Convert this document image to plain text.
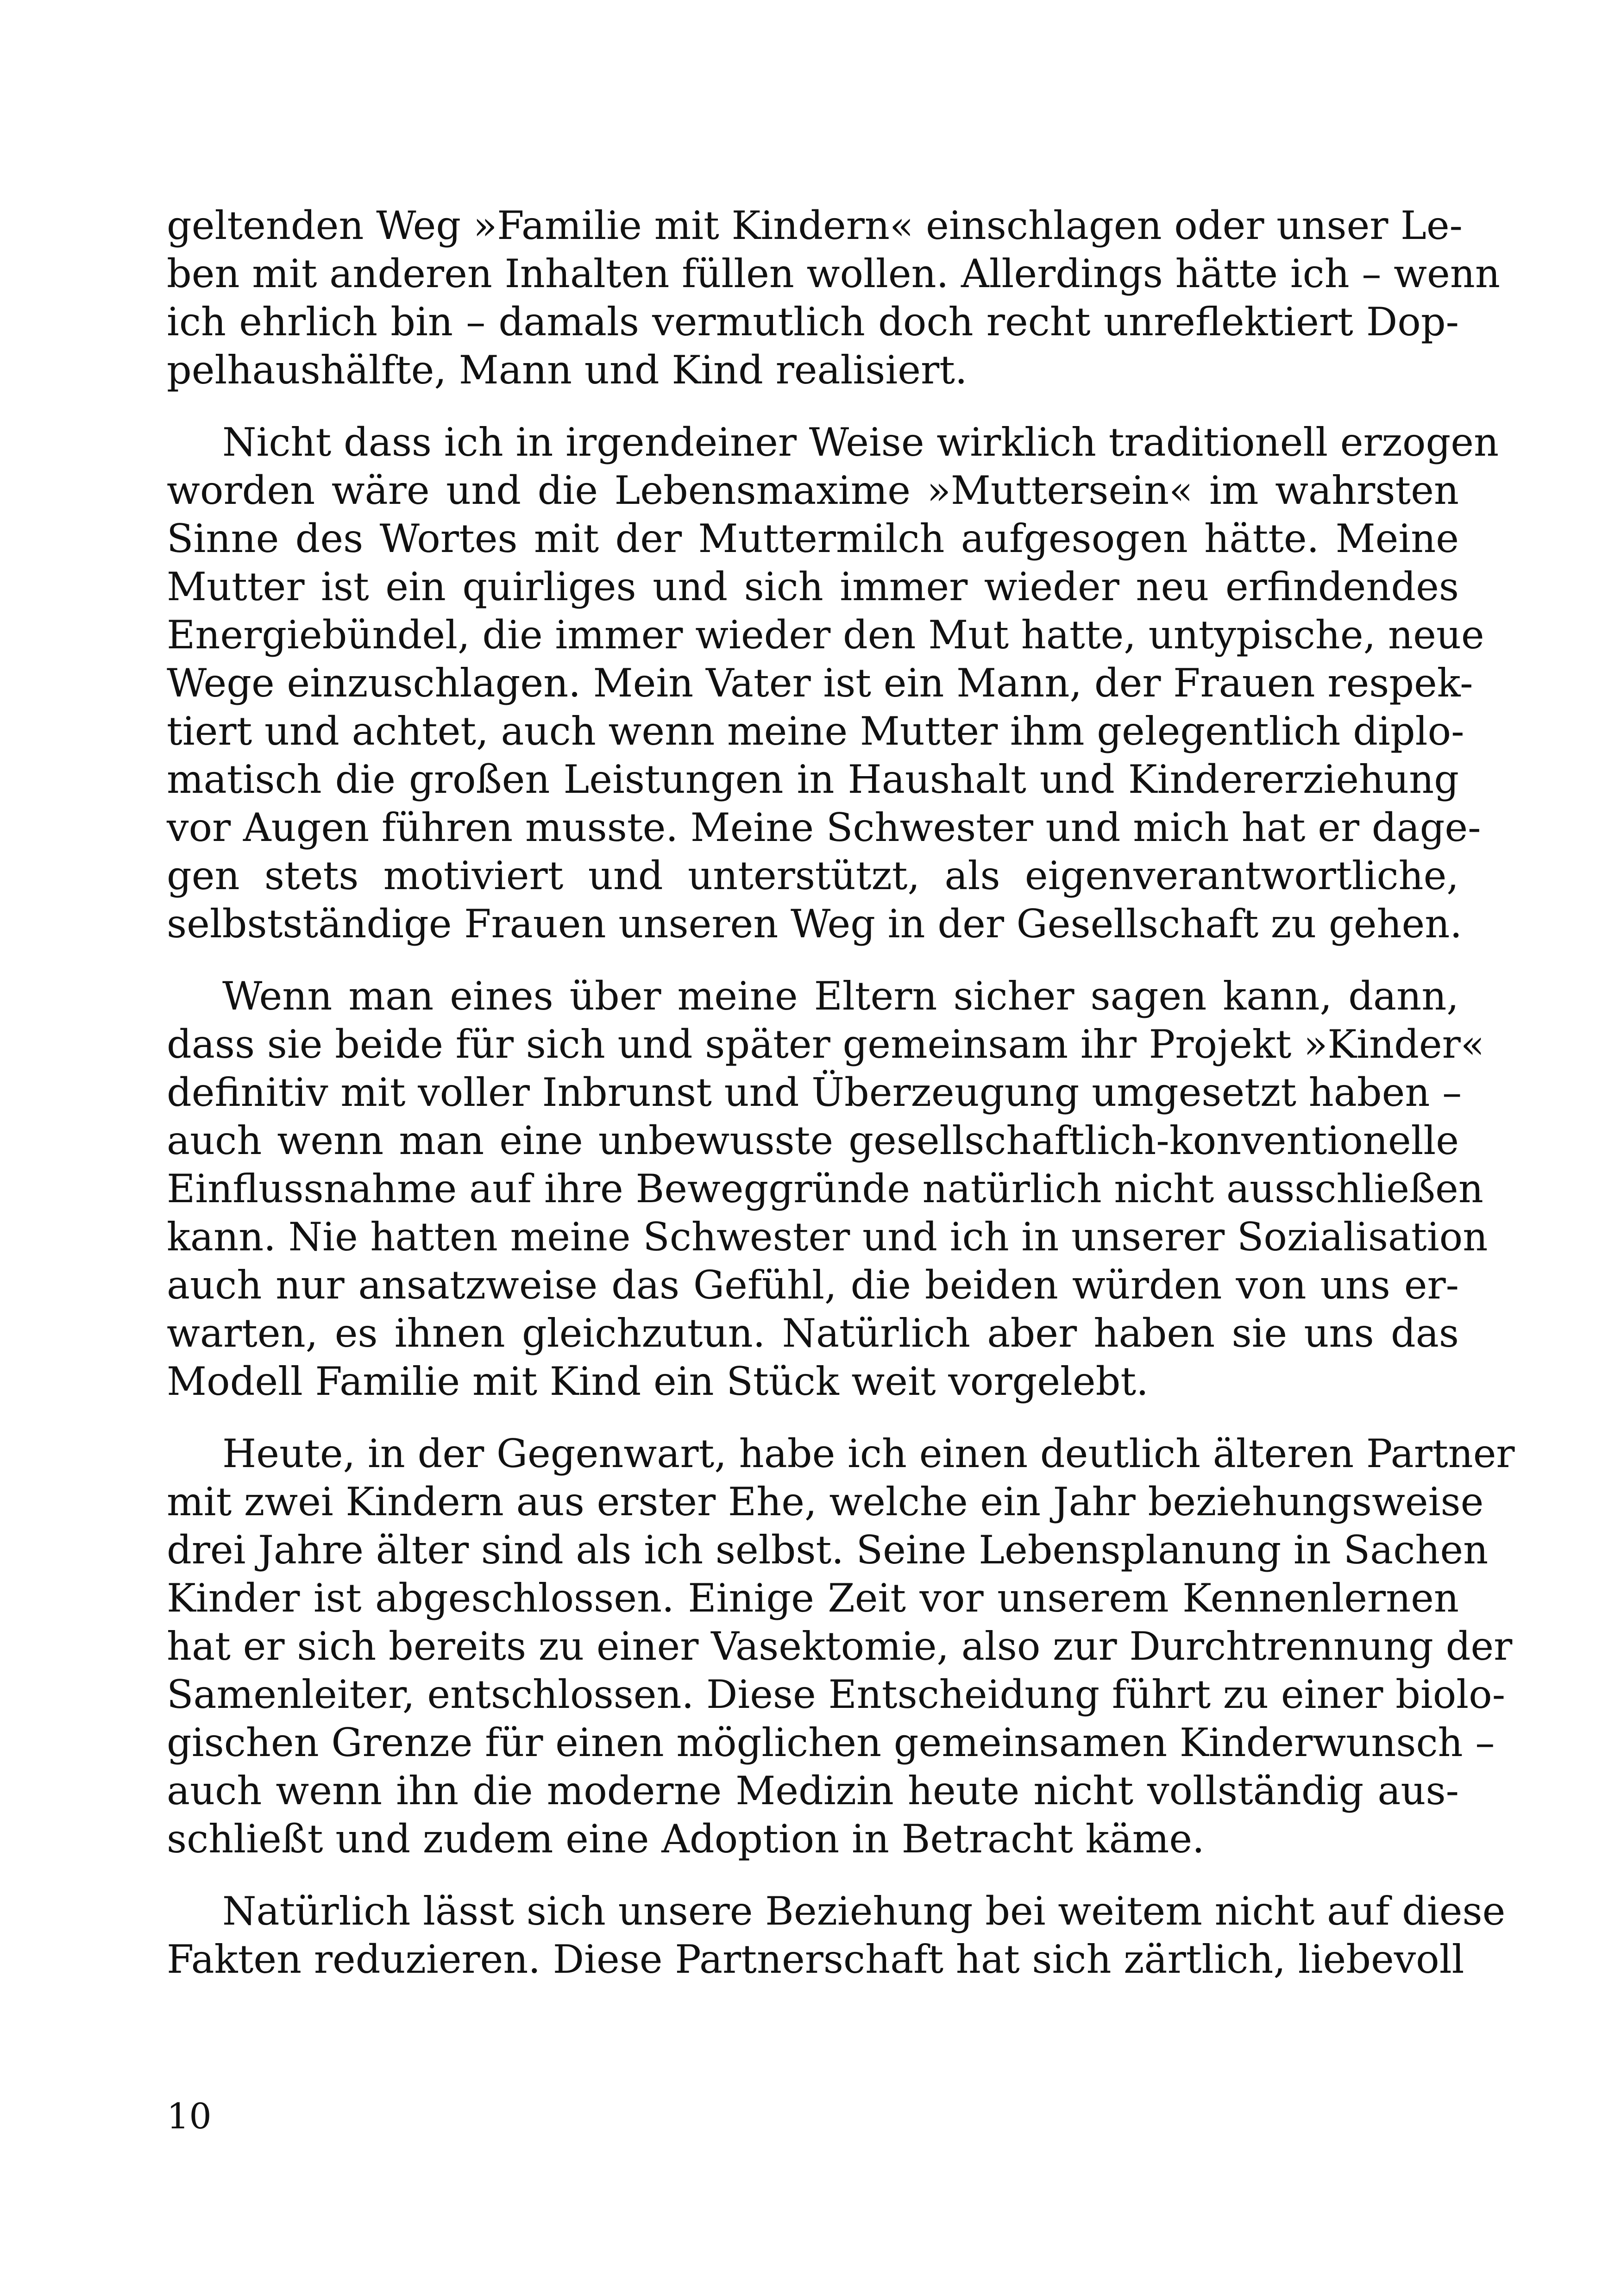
geltenden Weg »Familie mit Kindern« einschlagen oder unser Le-
ben mit anderen Inhalten füllen wollen. Allerdings hätte ich – wenn
ich ehrlich bin – damals vermutlich doch recht unreflektiert Dop-
pelhaushälfte, Mann und Kind realisiert.

Nicht dass ich in irgendeiner Weise wirklich traditionell erzogen
worden wäre und die Lebensmaxime »Muttersein« im wahrsten
Sinne des Wortes mit der Muttermilch aufgesogen hätte. Meine
Mutter ist ein quirliges und sich immer wieder neu erfindendes
Energiebündel, die immer wieder den Mut hatte, untypische, neue
Wege einzuschlagen. Mein Vater ist ein Mann, der Frauen respek-
tiert und achtet, auch wenn meine Mutter ihm gelegentlich diplo-
matisch die großen Leistungen in Haushalt und Kindererziehung
vor Augen führen musste. Meine Schwester und mich hat er dage-
gen stets motiviert und unterstützt, als eigenverantwortliche,
selbstständige Frauen unseren Weg in der Gesellschaft zu gehen.

Wenn man eines über meine Eltern sicher sagen kann, dann,
dass sie beide für sich und später gemeinsam ihr Projekt »Kinder«
definitiv mit voller Inbrunst und Überzeugung umgesetzt haben –
auch wenn man eine unbewusste gesellschaftlich-konventionelle
Einflussnahme auf ihre Beweggründe natürlich nicht ausschließen
kann. Nie hatten meine Schwester und ich in unserer Sozialisation
auch nur ansatzweise das Gefühl, die beiden würden von uns er-
warten, es ihnen gleichzutun. Natürlich aber haben sie uns das
Modell Familie mit Kind ein Stück weit vorgelebt.

Heute, in der Gegenwart, habe ich einen deutlich älteren Partner
mit zwei Kindern aus erster Ehe, welche ein Jahr beziehungsweise
drei Jahre älter sind als ich selbst. Seine Lebensplanung in Sachen
Kinder ist abgeschlossen. Einige Zeit vor unserem Kennenlernen
hat er sich bereits zu einer Vasektomie, also zur Durchtrennung der
Samenleiter, entschlossen. Diese Entscheidung führt zu einer biolo-
gischen Grenze für einen möglichen gemeinsamen Kinderwunsch –
auch wenn ihn die moderne Medizin heute nicht vollständig aus-
schließt und zudem eine Adoption in Betracht käme.

Natürlich lässt sich unsere Beziehung bei weitem nicht auf diese
Fakten reduzieren. Diese Partnerschaft hat sich zärtlich, liebevoll

10
